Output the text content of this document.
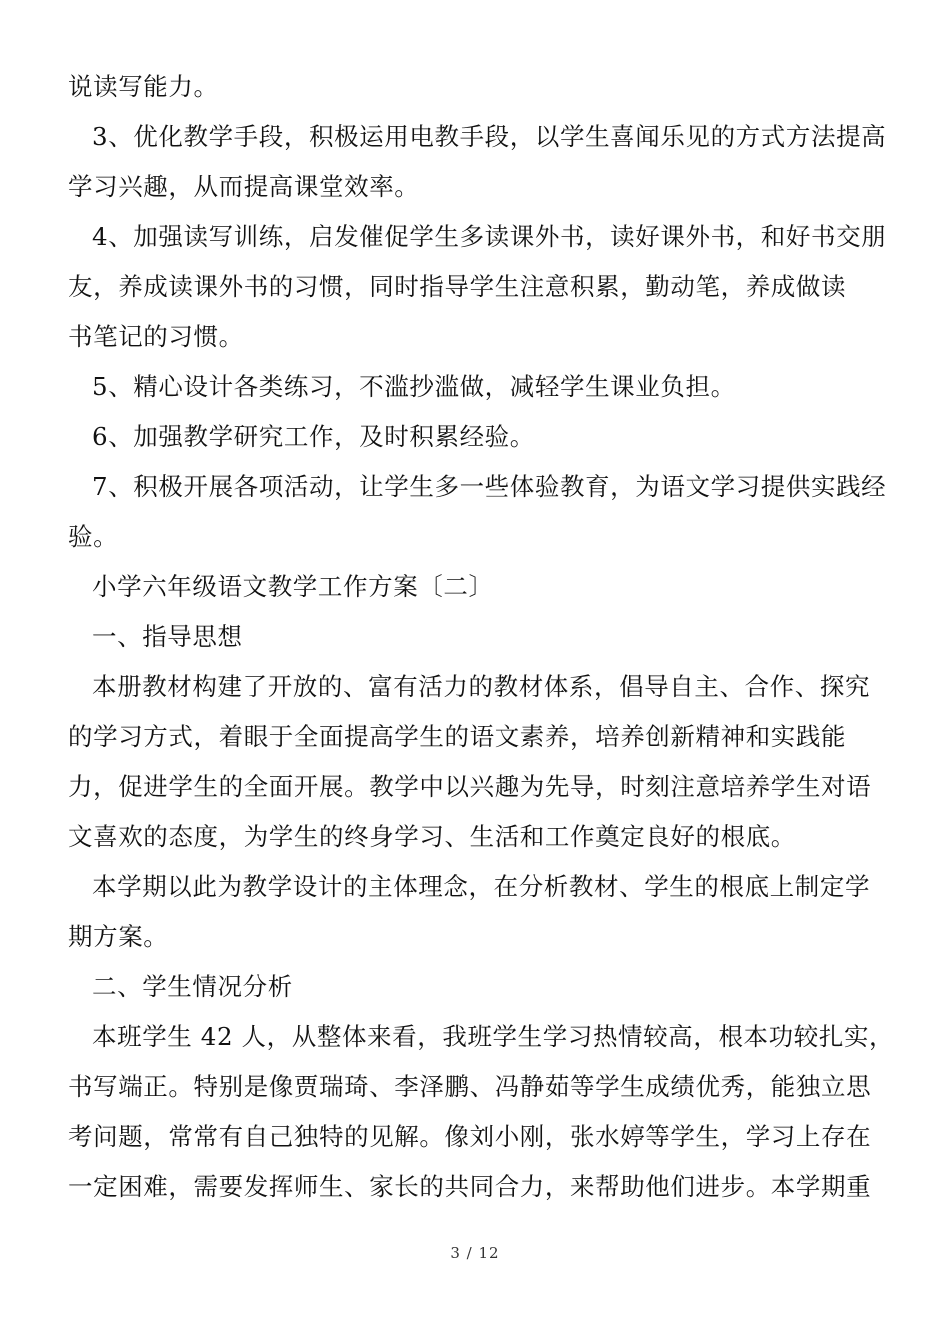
说读写能力。
3、优化教学手段，积极运用电教手段，以学生喜闻乐见的方式方法提高
学习兴趣，从而提高课堂效率。
4、加强读写训练，启发催促学生多读课外书，读好课外书，和好书交朋
友，养成读课外书的习惯，同时指导学生注意积累，勤动笔，养成做读
书笔记的习惯。
5、精心设计各类练习，不滥抄滥做，减轻学生课业负担。
6、加强教学研究工作，及时积累经验。
7、积极开展各项活动，让学生多一些体验教育，为语文学习提供实践经
验。
小学六年级语文教学工作方案〔二〕
一、指导思想
本册教材构建了开放的、富有活力的教材体系，倡导自主、合作、探究
的学习方式，着眼于全面提高学生的语文素养，培养创新精神和实践能
力，促进学生的全面开展。教学中以兴趣为先导，时刻注意培养学生对语
文喜欢的态度，为学生的终身学习、生活和工作奠定良好的根底。
本学期以此为教学设计的主体理念，在分析教材、学生的根底上制定学
期方案。
二、学生情况分析
本班学生 42 人，从整体来看，我班学生学习热情较高，根本功较扎实，
书写端正。特别是像贾瑞琦、李泽鹏、冯静茹等学生成绩优秀，能独立思
考问题，常常有自己独特的见解。像刘小刚，张水婷等学生，学习上存在
一定困难，需要发挥师生、家长的共同合力，来帮助他们进步。本学期重
3 / 12
